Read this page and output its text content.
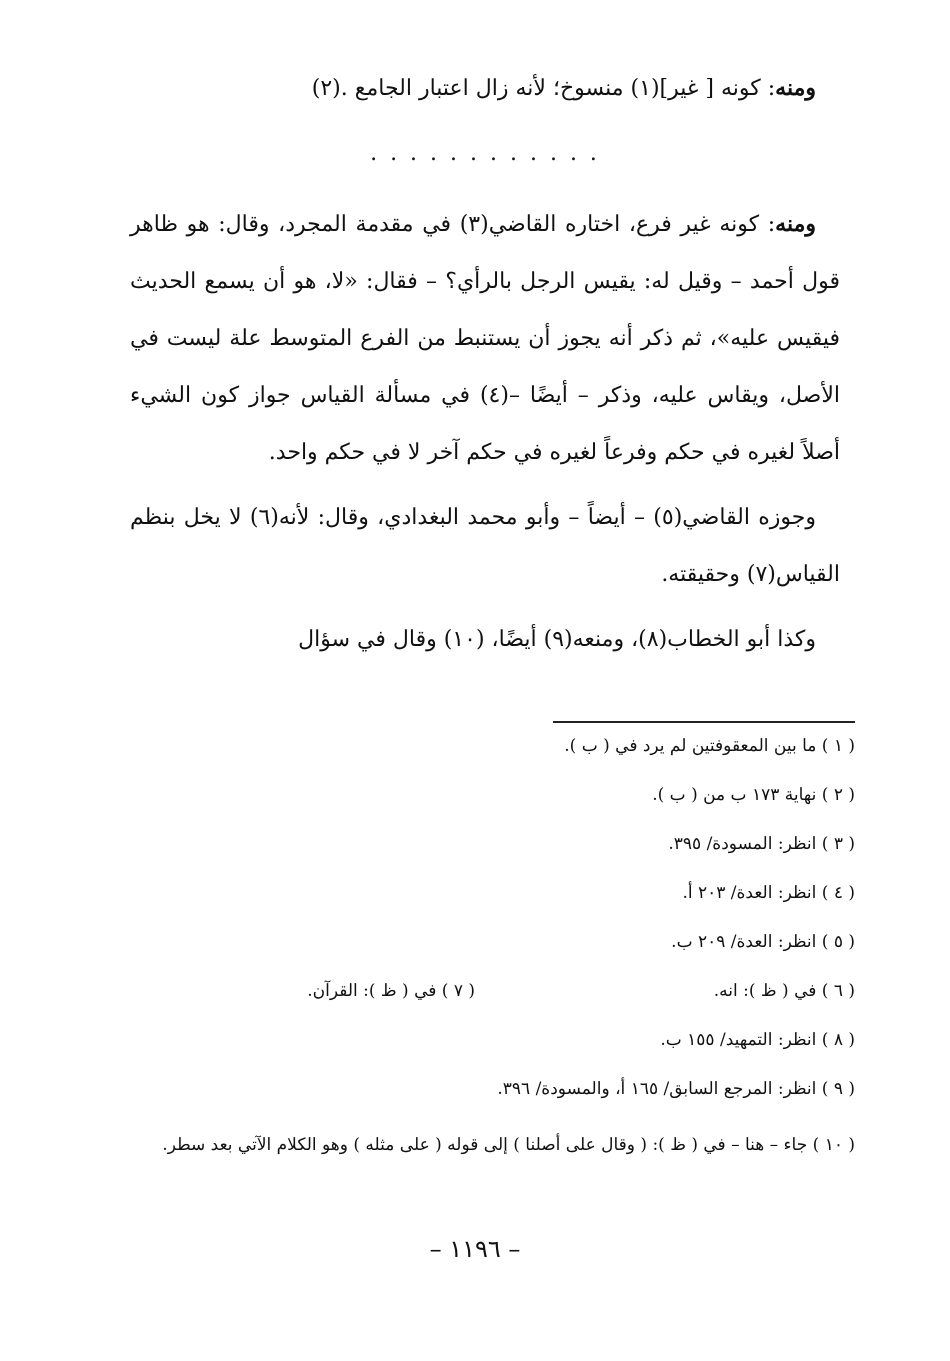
ومنه: كونه [ غير](١) منسوخ؛ لأنه زال اعتبار الجامع .(٢)

. . . . . . . . . . . .

ومنه: كونه غير فرع، اختاره القاضي(٣) في مقدمة المجرد، وقال: هو ظاهر قول أحمد – وقيل له: يقيس الرجل بالرأي؟ – فقال: «لا، هو أن يسمع الحديث فيقيس عليه»، ثم ذكر أنه يجوز أن يستنبط من الفرع المتوسط علة ليست في الأصل، ويقاس عليه، وذكر – أيضًا –(٤) في مسألة القياس جواز كون الشيء أصلاً لغيره في حكم وفرعاً لغيره في حكم آخر لا في حكم واحد.

وجوزه القاضي(٥) – أيضاً – وأبو محمد البغدادي، وقال: لأنه(٦) لا يخل بنظم القياس(٧) وحقيقته.

وكذا أبو الخطاب(٨)، ومنعه(٩) أيضًا، (١٠) وقال في سؤال

( ١ ) ما بين المعقوفتين لم يرد في ( ب ).
( ٢ ) نهاية ١٧٣ ب من ( ب ).
( ٣ ) انظر: المسودة/ ٣٩٥.
( ٤ ) انظر: العدة/ ٢٠٣ أ.
( ٥ ) انظر: العدة/ ٢٠٩ ب.
( ٦ ) في ( ظ ): انه.
( ٧ ) في ( ظ ): القرآن.
( ٨ ) انظر: التمهيد/ ١٥٥ ب.
( ٩ ) انظر: المرجع السابق/ ١٦٥ أ، والمسودة/ ٣٩٦.
( ١٠ ) جاء – هنا – في ( ظ ): ( وقال على أصلنا ) إلى قوله ( على مثله ) وهو الكلام الآتي بعد سطر.
– ١١٩٦ –
